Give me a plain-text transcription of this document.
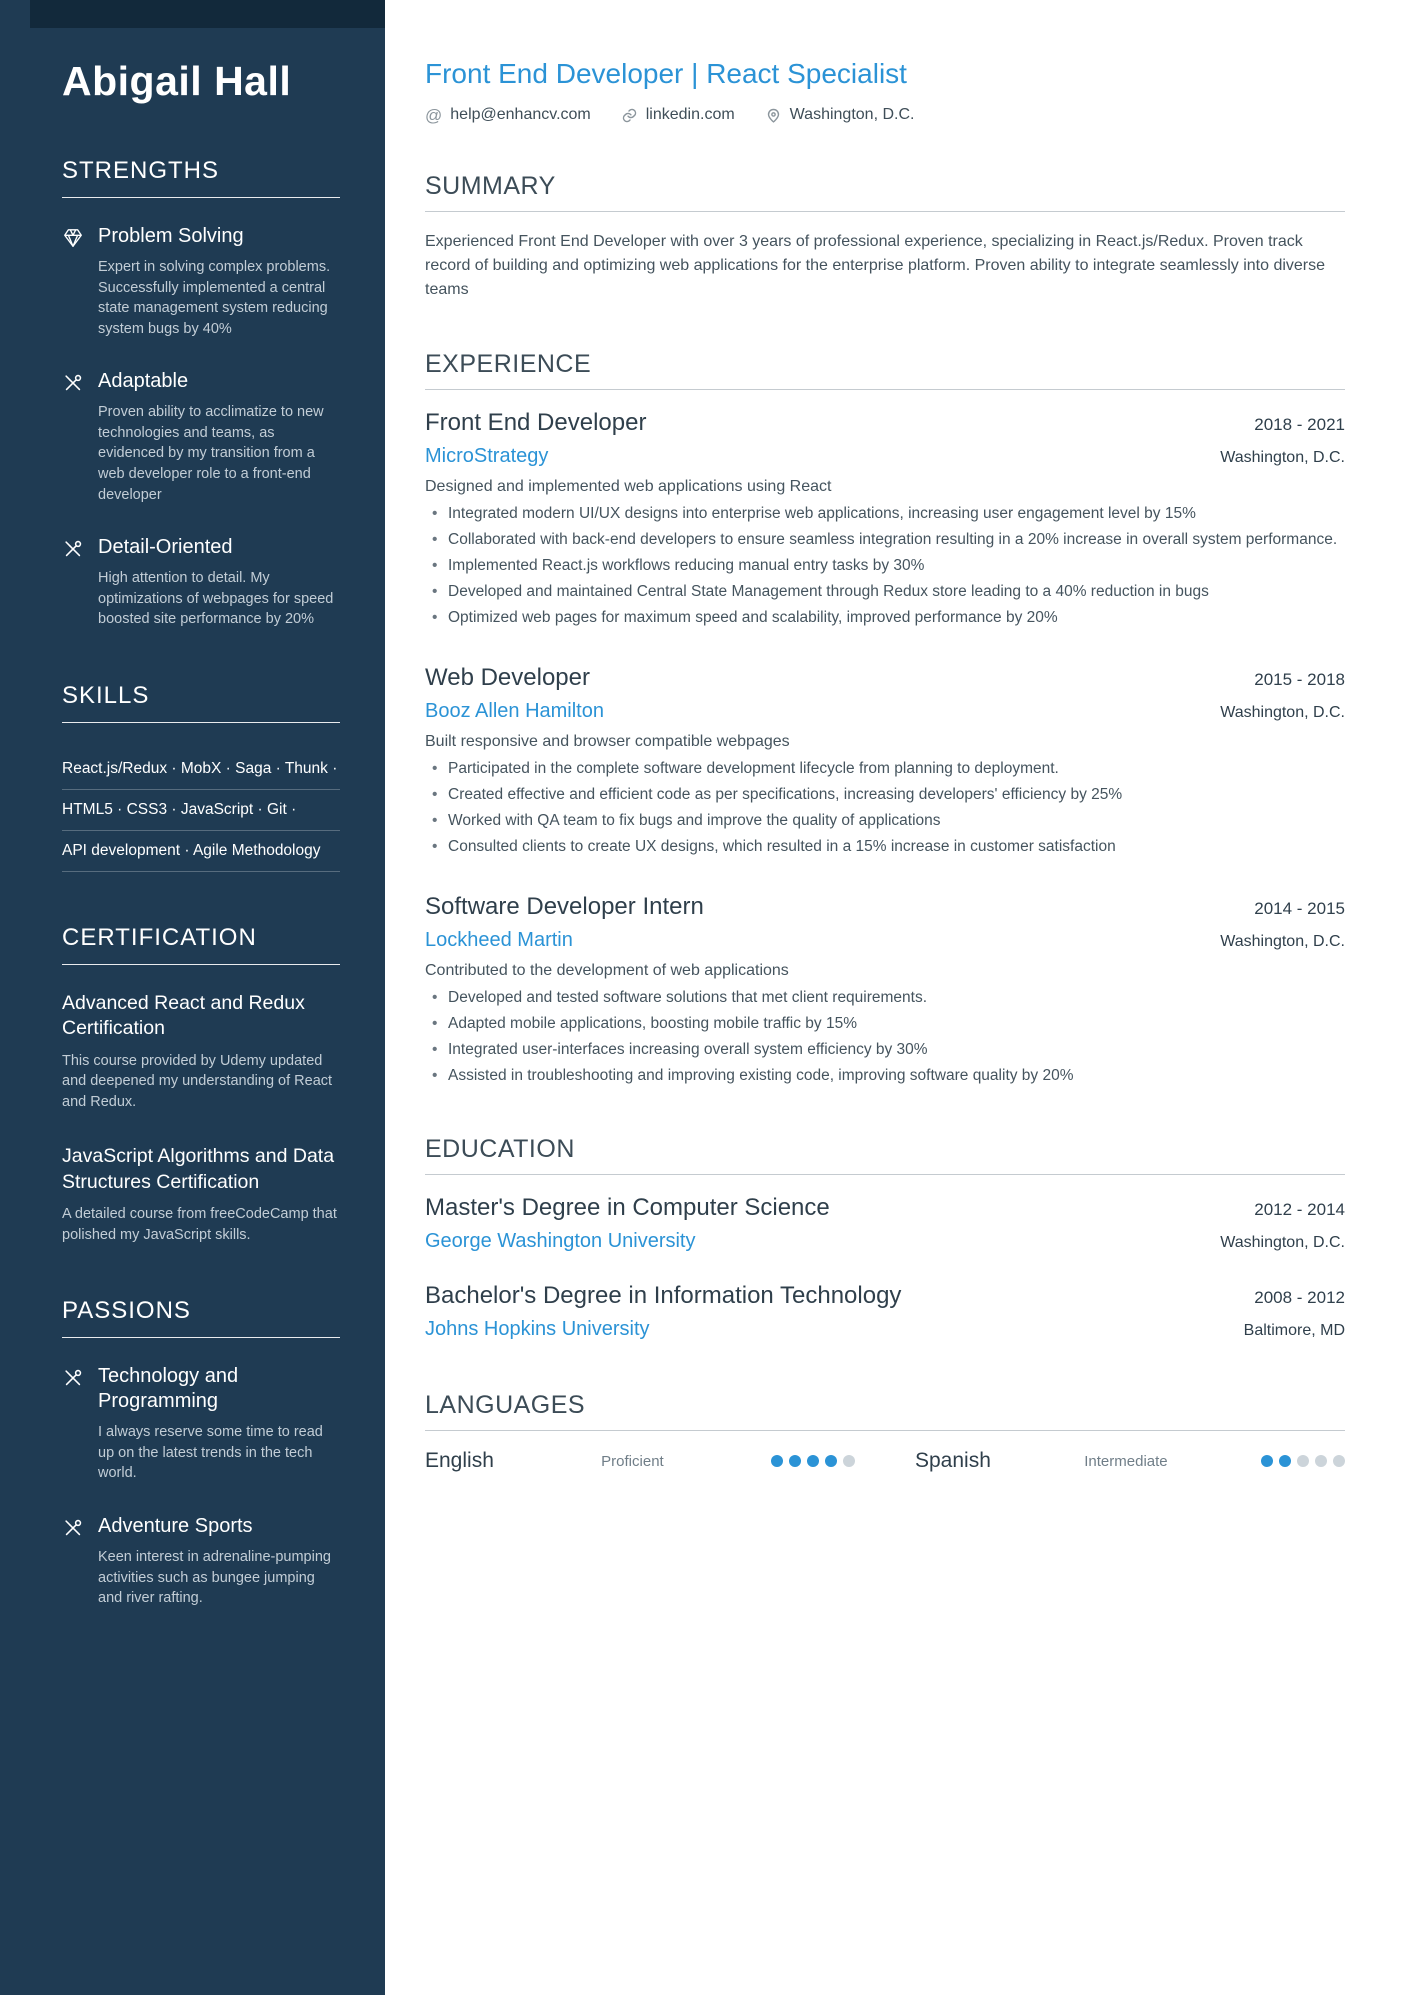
Abigail Hall
STRENGTHS
Problem Solving

Expert in solving complex problems. Successfully implemented a central state management system reducing system bugs by 40%

Adaptable

Proven ability to acclimatize to new technologies and teams, as evidenced by my transition from a web developer role to a front-end developer

Detail-Oriented

High attention to detail. My optimizations of webpages for speed boosted site performance by 20%

SKILLS
React.js/Redux · MobX · Saga · Thunk ·
HTML5 · CSS3 · JavaScript · Git ·
API development · Agile Methodology
CERTIFICATION
Advanced React and Redux Certification

This course provided by Udemy updated and deepened my understanding of React and Redux.

JavaScript Algorithms and Data Structures Certification

A detailed course from freeCodeCamp that polished my JavaScript skills.

PASSIONS
Technology and Programming

I always reserve some time to read up on the latest trends in the tech world.

Adventure Sports

Keen interest in adrenaline-pumping activities such as bungee jumping and river rafting.

Front End Developer | React Specialist
@ help@enhancv.com	linkedin.com	Washington, D.C.
SUMMARY

Experienced Front End Developer with over 3 years of professional experience, specializing in React.js/Redux. Proven track record of building and optimizing web applications for the enterprise platform. Proven ability to integrate seamlessly into diverse teams

EXPERIENCE
Front End Developer	2018 - 2021
MicroStrategy	Washington, D.C.

Designed and implemented web applications using React

• Integrated modern UI/UX designs into enterprise web applications, increasing user engagement level by 15%
• Collaborated with back-end developers to ensure seamless integration resulting in a 20% increase in overall system performance.
• Implemented React.js workflows reducing manual entry tasks by 30%
• Developed and maintained Central State Management through Redux store leading to a 40% reduction in bugs
• Optimized web pages for maximum speed and scalability, improved performance by 20%
Web Developer	2015 - 2018
Booz Allen Hamilton	Washington, D.C.

Built responsive and browser compatible webpages

• Participated in the complete software development lifecycle from planning to deployment.
• Created effective and efficient code as per specifications, increasing developers' efficiency by 25%
• Worked with QA team to fix bugs and improve the quality of applications
• Consulted clients to create UX designs, which resulted in a 15% increase in customer satisfaction
Software Developer Intern	2014 - 2015
Lockheed Martin	Washington, D.C.

Contributed to the development of web applications

• Developed and tested software solutions that met client requirements.
• Adapted mobile applications, boosting mobile traffic by 15%
• Integrated user-interfaces increasing overall system efficiency by 30%
• Assisted in troubleshooting and improving existing code, improving software quality by 20%
EDUCATION
Master's Degree in Computer Science	2012 - 2014
George Washington University	Washington, D.C.
Bachelor's Degree in Information Technology	2008 - 2012
Johns Hopkins University	Baltimore, MD
LANGUAGES
English	Proficient	Spanish	Intermediate
